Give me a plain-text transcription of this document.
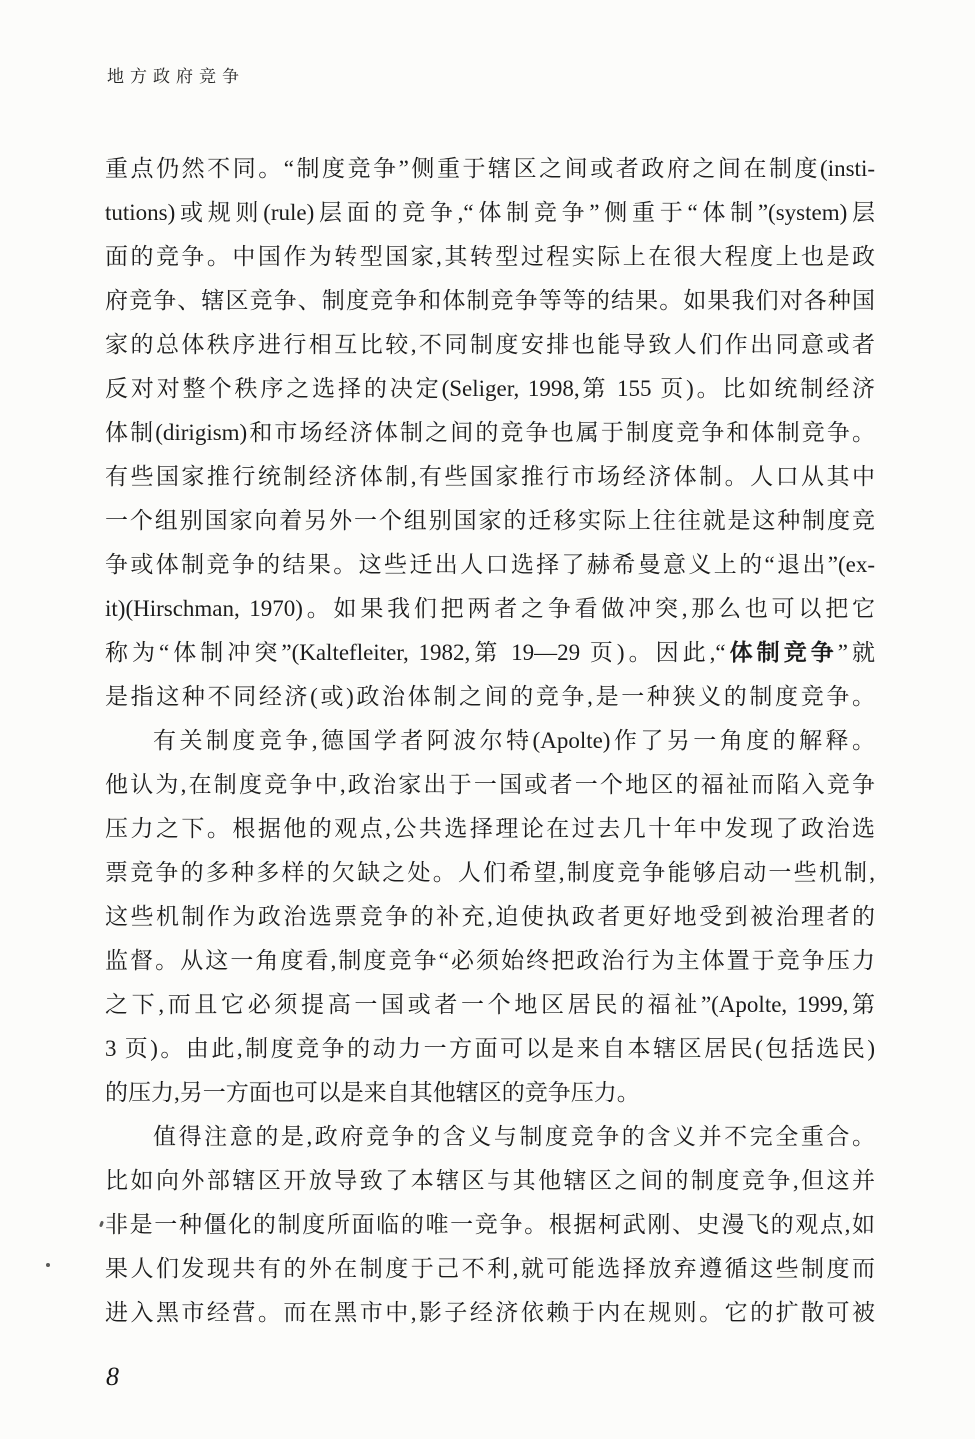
地方政府竞争
重点仍然不同。“制度竞争”侧重于辖区之间或者政府之间在制度(insti-
tutions)或规则(rule)层面的竞争,“体制竞争”侧重于“体制”(system)层
面的竞争。中国作为转型国家,其转型过程实际上在很大程度上也是政
府竞争、辖区竞争、制度竞争和体制竞争等等的结果。如果我们对各种国
家的总体秩序进行相互比较,不同制度安排也能导致人们作出同意或者
反对对整个秩序之选择的决定(Seliger, 1998,第 155 页)。比如统制经济
体制(dirigism)和市场经济体制之间的竞争也属于制度竞争和体制竞争。
有些国家推行统制经济体制,有些国家推行市场经济体制。人口从其中
一个组别国家向着另外一个组别国家的迁移实际上往往就是这种制度竞
争或体制竞争的结果。这些迁出人口选择了赫希曼意义上的“退出”(ex-
it)(Hirschman, 1970)。如果我们把两者之争看做冲突,那么也可以把它
称为“体制冲突”(Kaltefleiter, 1982,第 19—29 页)。因此,“体制竞争”就
是指这种不同经济(或)政治体制之间的竞争,是一种狭义的制度竞争。
有关制度竞争,德国学者阿波尔特(Apolte)作了另一角度的解释。
他认为,在制度竞争中,政治家出于一国或者一个地区的福祉而陷入竞争
压力之下。根据他的观点,公共选择理论在过去几十年中发现了政治选
票竞争的多种多样的欠缺之处。人们希望,制度竞争能够启动一些机制,
这些机制作为政治选票竞争的补充,迫使执政者更好地受到被治理者的
监督。从这一角度看,制度竞争“必须始终把政治行为主体置于竞争压力
之下,而且它必须提高一国或者一个地区居民的福祉”(Apolte, 1999,第
3 页)。由此,制度竞争的动力一方面可以是来自本辖区居民(包括选民)
的压力,另一方面也可以是来自其他辖区的竞争压力。
值得注意的是,政府竞争的含义与制度竞争的含义并不完全重合。
比如向外部辖区开放导致了本辖区与其他辖区之间的制度竞争,但这并
非是一种僵化的制度所面临的唯一竞争。根据柯武刚、史漫飞的观点,如
果人们发现共有的外在制度于己不利,就可能选择放弃遵循这些制度而
进入黑市经营。而在黑市中,影子经济依赖于内在规则。它的扩散可被
8
